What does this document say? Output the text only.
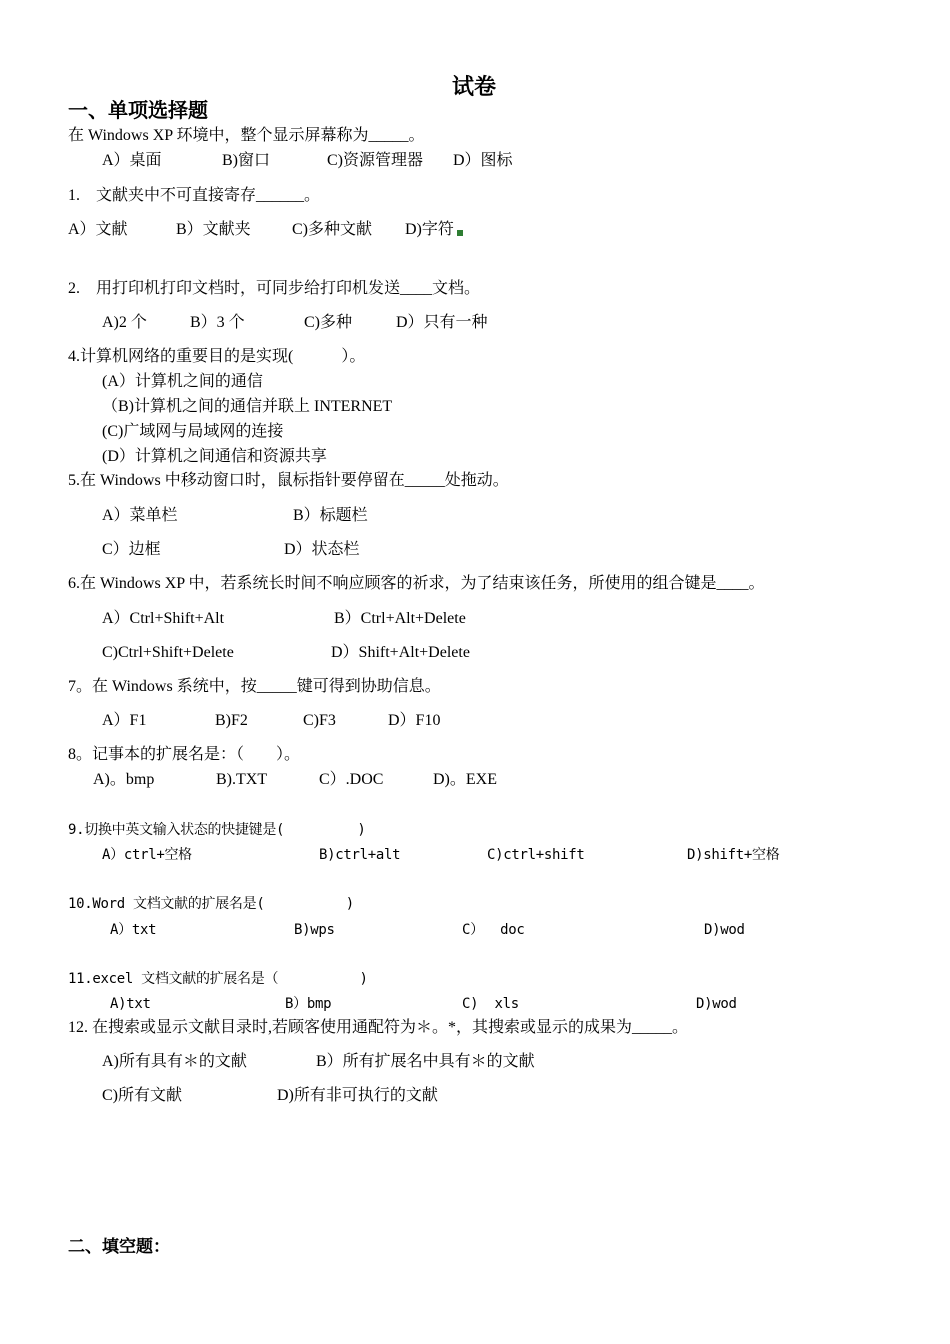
试卷
一、单项选择题
在 Windows XP 环境中，整个显示屏幕称为_____。
A）桌面	B)窗口	C)资源管理器 D）图标
1.    文献夹中不可直接寄存______。
A）文献	B）文献夹	C)多种文献 D)字符
2.    用打印机打印文档时，可同步给打印机发送____文档。
A)2 个	B）3 个	C)多种	D）只有一种
4.计算机网络的重要目的是实现(            ）。
(A）计算机之间的通信
（B)计算机之间的通信并联上 INTERNET
(C)广域网与局域网的连接
(D）计算机之间通信和资源共享
5.在 Windows 中移动窗口时，鼠标指针要停留在_____处拖动。
A）菜单栏	B）标题栏
C）边框	D）状态栏
6.在 Windows XP 中，若系统长时间不响应顾客的祈求，为了结束该任务，所使用的组合键是____。
A）Ctrl+Shift+Alt	B）Ctrl+Alt+Delete
C)Ctrl+Shift+Delete	D）Shift+Alt+Delete
7。在 Windows 系统中，按_____键可得到协助信息。
A）F1	B)F2	C)F3	D）F10
8。记事本的扩展名是：（        ）。
A)。bmp	B).TXT	C）.DOC	D)。EXE
9.切换中英文输入状态的快捷键是(         )
A）ctrl+空格	B)ctrl+alt	C)ctrl+shift	D)shift+空格
10.Word 文档文献的扩展名是(          )
A）txt	B)wps	C）  doc	D)wod
11.excel 文档文献的扩展名是（          )
A)txt	B）bmp	C)  xls	D)wod
12. 在搜索或显示文献目录时,若顾客使用通配符为＊。*，其搜索或显示的成果为_____。
A)所有具有＊的文献	B）所有扩展名中具有＊的文献
C)所有文献	D)所有非可执行的文献
二、填空题：
